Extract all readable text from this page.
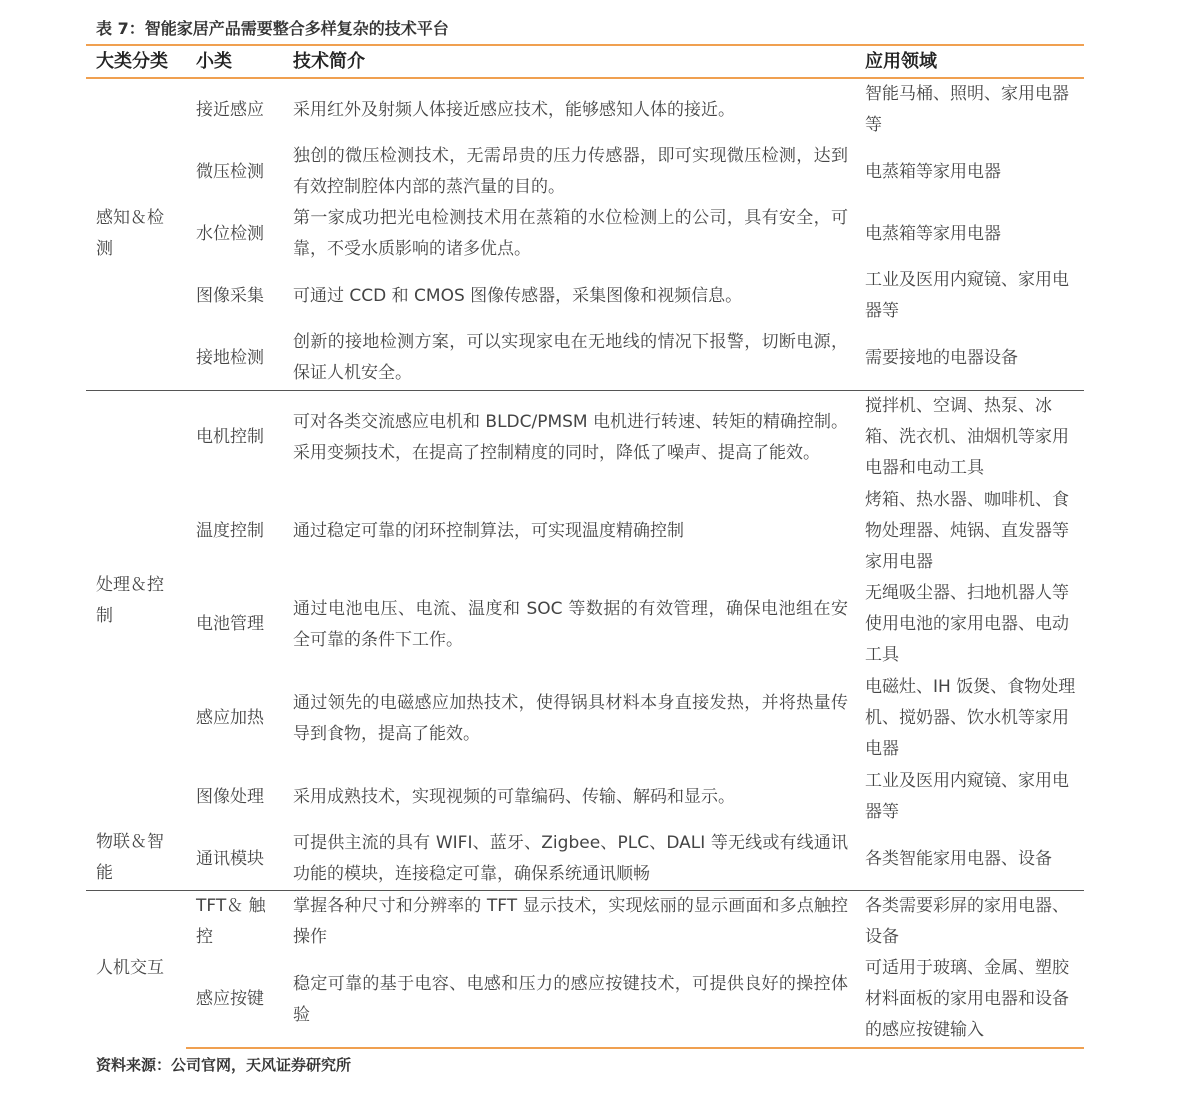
表 7：智能家居产品需要整合多样复杂的技术平台
大类分类 小类	技术简介	应用领域
感知＆检测
处理＆控制
物联＆智能
人机交互
接近感应 采用红外及射频人体接近感应技术，能够感知人体的接近。
智能马桶、照明、家用电器等
微压检测
独创的微压检测技术，无需昂贵的压力传感器，即可实现微压检测，达到有效控制腔体内部的蒸汽量的目的。
电蒸箱等家用电器
水位检测
第一家成功把光电检测技术用在蒸箱的水位检测上的公司，具有安全，可靠，不受水质影响的诸多优点。
电蒸箱等家用电器
图像采集 可通过 CCD 和 CMOS 图像传感器，采集图像和视频信息。
工业及医用内窥镜、家用电器等
接地检测
创新的接地检测方案，可以实现家电在无地线的情况下报警，切断电源，保证人机安全。
需要接地的电器设备
电机控制
可对各类交流感应电机和 BLDC/PMSM 电机进行转速、转矩的精确控制。采用变频技术，在提高了控制精度的同时，降低了噪声、提高了能效。
搅拌机、空调、热泵、冰箱、洗衣机、油烟机等家用电器和电动工具
温度控制 通过稳定可靠的闭环控制算法，可实现温度精确控制
烤箱、热水器、咖啡机、食物处理器、炖锅、直发器等家用电器
电池管理
通过电池电压、电流、温度和 SOC 等数据的有效管理，确保电池组在安全可靠的条件下工作。
无绳吸尘器、扫地机器人等使用电池的家用电器、电动工具
感应加热
通过领先的电磁感应加热技术，使得锅具材料本身直接发热，并将热量传导到食物，提高了能效。
电磁灶、IH 饭煲、食物处理机、搅奶器、饮水机等家用电器
图像处理 采用成熟技术，实现视频的可靠编码、传输、解码和显示。
工业及医用内窥镜、家用电器等
通讯模块
可提供主流的具有 WIFI、蓝牙、Zigbee、PLC、DALI 等无线或有线通讯功能的模块，连接稳定可靠，确保系统通讯顺畅
各类智能家用电器、设备
TFT＆ 触控
掌握各种尺寸和分辨率的 TFT 显示技术，实现炫丽的显示画面和多点触控操作
各类需要彩屏的家用电器、设备
感应按键
稳定可靠的基于电容、电感和压力的感应按键技术，可提供良好的操控体验
可适用于玻璃、金属、塑胶材料面板的家用电器和设备的感应按键输入
资料来源：公司官网，天风证券研究所
